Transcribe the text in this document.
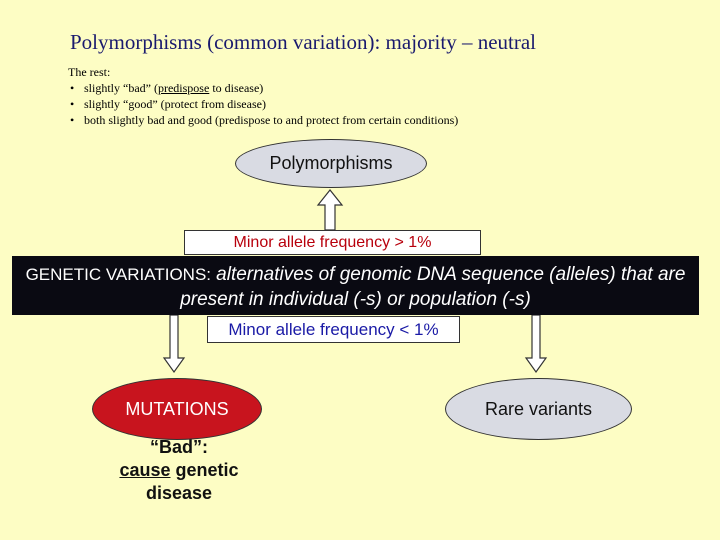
Polymorphisms (common variation): majority – neutral
The rest:
• slightly “bad” (predispose to disease)
• slightly “good” (protect from disease)
• both slightly bad and good (predispose to and protect from certain conditions)
Polymorphisms
Minor allele frequency > 1%
GENETIC VARIATIONS: alternatives of genomic DNA sequence (alleles) that are present in individual (-s) or population (-s)
Minor allele frequency < 1%
MUTATIONS	Rare variants
“Bad”:
cause genetic disease
